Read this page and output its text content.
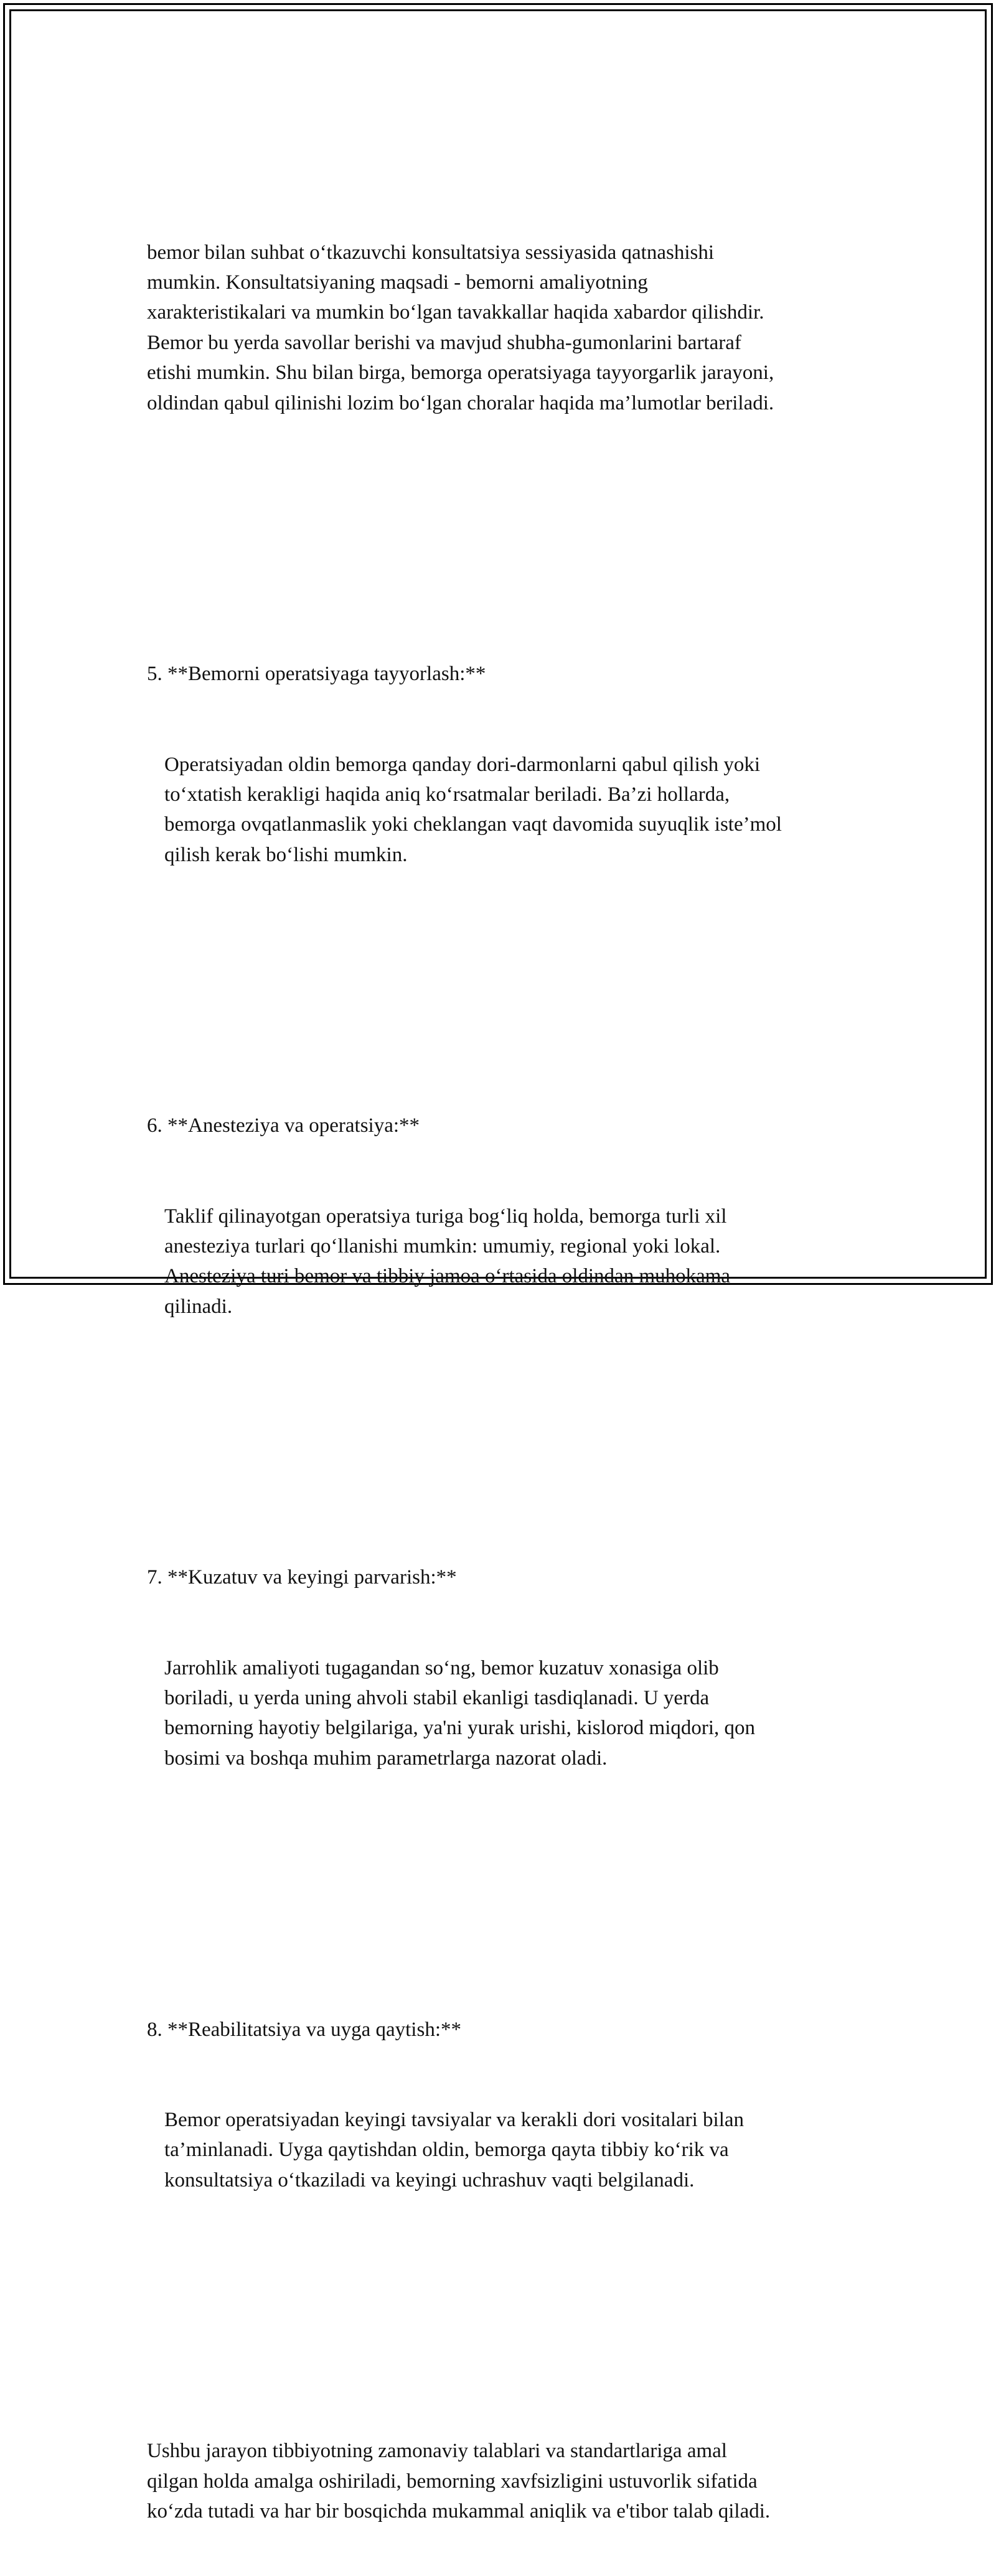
bemor bilan suhbat o‘tkazuvchi konsultatsiya sessiyasida qatnashishi
mumkin. Konsultatsiyaning maqsadi - bemorni amaliyotning
xarakteristikalari va mumkin bo‘lgan tavakkallar haqida xabardor qilishdir.
Bemor bu yerda savollar berishi va mavjud shubha-gumonlarini bartaraf
etishi mumkin. Shu bilan birga, bemorga operatsiyaga tayyorgarlik jarayoni,
oldindan qabul qilinishi lozim bo‘lgan choralar haqida ma’lumotlar beriladi.

5. **Bemorni operatsiyaga tayyorlash:**

Operatsiyadan oldin bemorga qanday dori-darmonlarni qabul qilish yoki
to‘xtatish kerakligi haqida aniq ko‘rsatmalar beriladi. Ba’zi hollarda,
bemorga ovqatlanmaslik yoki cheklangan vaqt davomida suyuqlik iste’mol
qilish kerak bo‘lishi mumkin.

6. **Anesteziya va operatsiya:**

Taklif qilinayotgan operatsiya turiga bog‘liq holda, bemorga turli xil
anesteziya turlari qo‘llanishi mumkin: umumiy, regional yoki lokal.
Anesteziya turi bemor va tibbiy jamoa o‘rtasida oldindan muhokama
qilinadi.

7. **Kuzatuv va keyingi parvarish:**

Jarrohlik amaliyoti tugagandan so‘ng, bemor kuzatuv xonasiga olib
boriladi, u yerda uning ahvoli stabil ekanligi tasdiqlanadi. U yerda
bemorning hayotiy belgilariga, ya'ni yurak urishi, kislorod miqdori, qon
bosimi va boshqa muhim parametrlarga nazorat oladi.

8. **Reabilitatsiya va uyga qaytish:**

Bemor operatsiyadan keyingi tavsiyalar va kerakli dori vositalari bilan
ta’minlanadi. Uyga qaytishdan oldin, bemorga qayta tibbiy ko‘rik va
konsultatsiya o‘tkaziladi va keyingi uchrashuv vaqti belgilanadi.

Ushbu jarayon tibbiyotning zamonaviy talablari va standartlariga amal
qilgan holda amalga oshiriladi, bemorning xavfsizligini ustuvorlik sifatida
ko‘zda tutadi va har bir bosqichda mukammal aniqlik va e'tibor talab qiladi.
